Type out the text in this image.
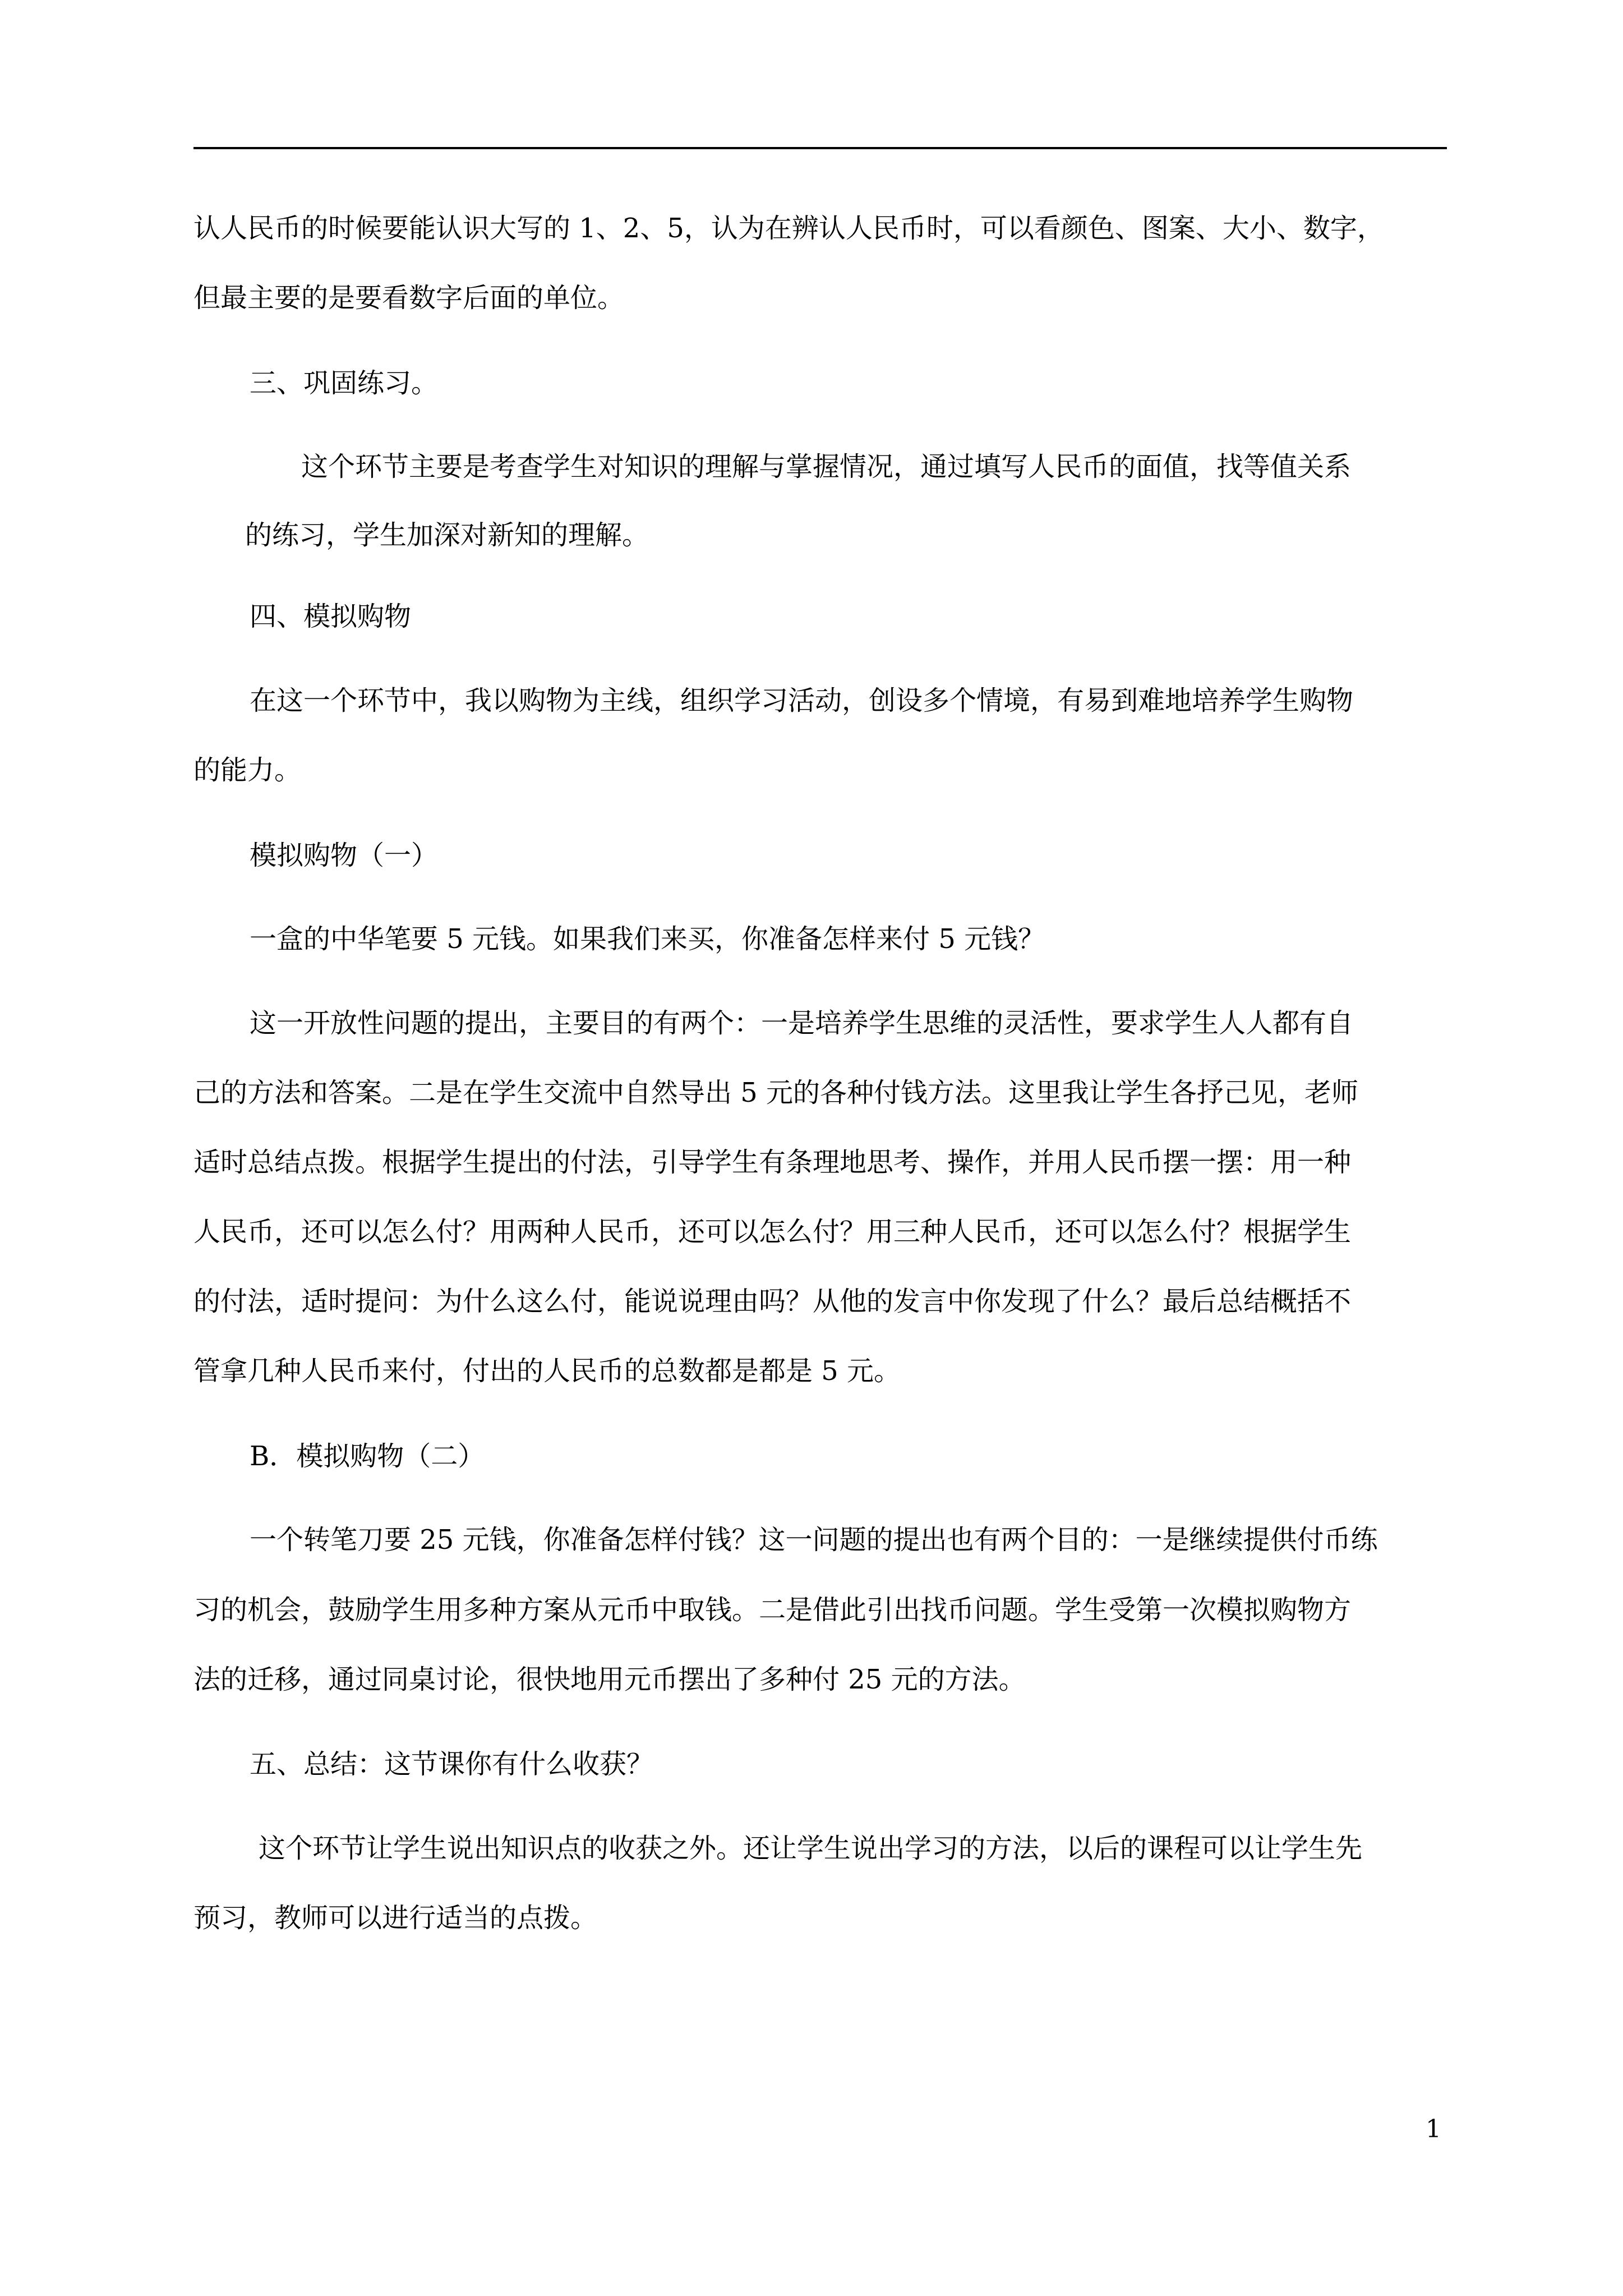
认人民币的时候要能认识大写的 1、2、5，认为在辨认人民币时，可以看颜色、图案、大小、数字，

但最主要的是要看数字后面的单位。

三、巩固练习。

这个环节主要是考查学生对知识的理解与掌握情况，通过填写人民币的面值，找等值关系

的练习，学生加深对新知的理解。

四、模拟购物

在这一个环节中，我以购物为主线，组织学习活动，创设多个情境，有易到难地培养学生购物

的能力。

模拟购物（一）

一盒的中华笔要 5 元钱。如果我们来买，你准备怎样来付 5 元钱？

这一开放性问题的提出，主要目的有两个：一是培养学生思维的灵活性，要求学生人人都有自

己的方法和答案。二是在学生交流中自然导出 5 元的各种付钱方法。这里我让学生各抒己见，老师

适时总结点拨。根据学生提出的付法，引导学生有条理地思考、操作，并用人民币摆一摆：用一种

人民币，还可以怎么付？用两种人民币，还可以怎么付？用三种人民币，还可以怎么付？根据学生

的付法，适时提问：为什么这么付，能说说理由吗？从他的发言中你发现了什么？最后总结概括不

管拿几种人民币来付，付出的人民币的总数都是都是 5 元。

B．模拟购物（二）

一个转笔刀要 25 元钱，你准备怎样付钱？这一问题的提出也有两个目的：一是继续提供付币练

习的机会，鼓励学生用多种方案从元币中取钱。二是借此引出找币问题。学生受第一次模拟购物方

法的迁移，通过同桌讨论，很快地用元币摆出了多种付 25 元的方法。

五、总结：这节课你有什么收获？

这个环节让学生说出知识点的收获之外。还让学生说出学习的方法，以后的课程可以让学生先

预习，教师可以进行适当的点拨。

1
